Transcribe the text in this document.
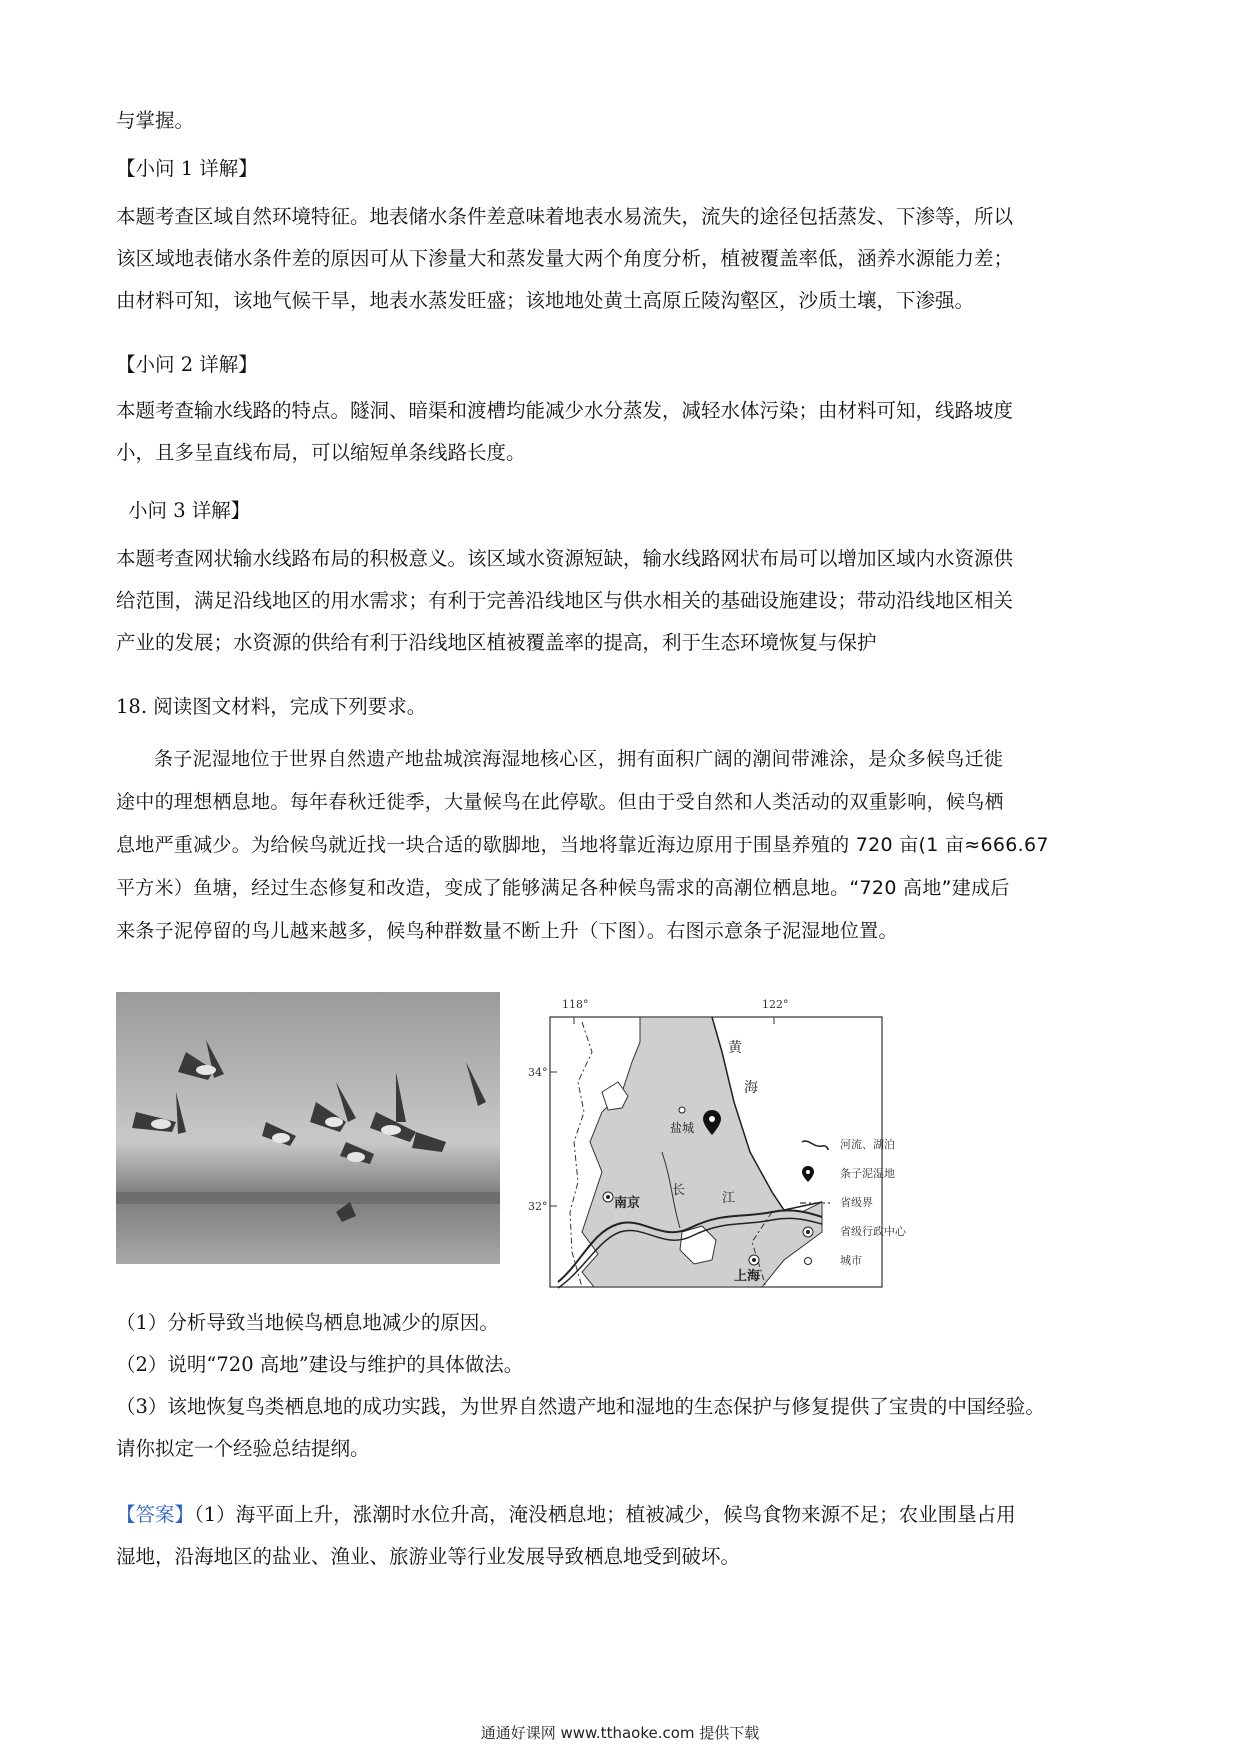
与掌握。

【小问 1 详解】

本题考查区域自然环境特征。地表储水条件差意味着地表水易流失，流失的途径包括蒸发、下渗等，所以
该区域地表储水条件差的原因可从下渗量大和蒸发量大两个角度分析，植被覆盖率低，涵养水源能力差；
由材料可知，该地气候干旱，地表水蒸发旺盛；该地地处黄土高原丘陵沟壑区，沙质土壤，下渗强。

【小问 2 详解】

本题考查输水线路的特点。隧洞、暗渠和渡槽均能减少水分蒸发，减轻水体污染；由材料可知，线路坡度
小，且多呈直线布局，可以缩短单条线路长度。

小问 3 详解】

本题考查网状输水线路布局的积极意义。该区域水资源短缺，输水线路网状布局可以增加区域内水资源供
给范围，满足沿线地区的用水需求；有利于完善沿线地区与供水相关的基础设施建设；带动沿线地区相关
产业的发展；水资源的供给有利于沿线地区植被覆盖率的提高，利于生态环境恢复与保护

18. 阅读图文材料，完成下列要求。

条子泥湿地位于世界自然遗产地盐城滨海湿地核心区，拥有面积广阔的潮间带滩涂，是众多候鸟迁徙
途中的理想栖息地。每年春秋迁徙季，大量候鸟在此停歇。但由于受自然和人类活动的双重影响，候鸟栖
息地严重减少。为给候鸟就近找一块合适的歇脚地，当地将靠近海边原用于围垦养殖的 720 亩(1 亩≈666.67
平方米）鱼塘，经过生态修复和改造，变成了能够满足各种候鸟需求的高潮位栖息地。“720 高地”建成后
来条子泥停留的鸟儿越来越多，候鸟种群数量不断上升（下图）。右图示意条子泥湿地位置。

118°	122°
34°
32°
黄
海
长
江
盐城
南京
上海
河流、湖泊
条子泥湿地
省级界
省级行政中心
城市

（1）分析导致当地候鸟栖息地减少的原因。
（2）说明“720 高地”建设与维护的具体做法。
（3）该地恢复鸟类栖息地的成功实践，为世界自然遗产地和湿地的生态保护与修复提供了宝贵的中国经验。
请你拟定一个经验总结提纲。

【答案】（1）海平面上升，涨潮时水位升高，淹没栖息地；植被减少，候鸟食物来源不足；农业围垦占用
湿地，沿海地区的盐业、渔业、旅游业等行业发展导致栖息地受到破坏。

通通好课网 www.tthaoke.com 提供下载
